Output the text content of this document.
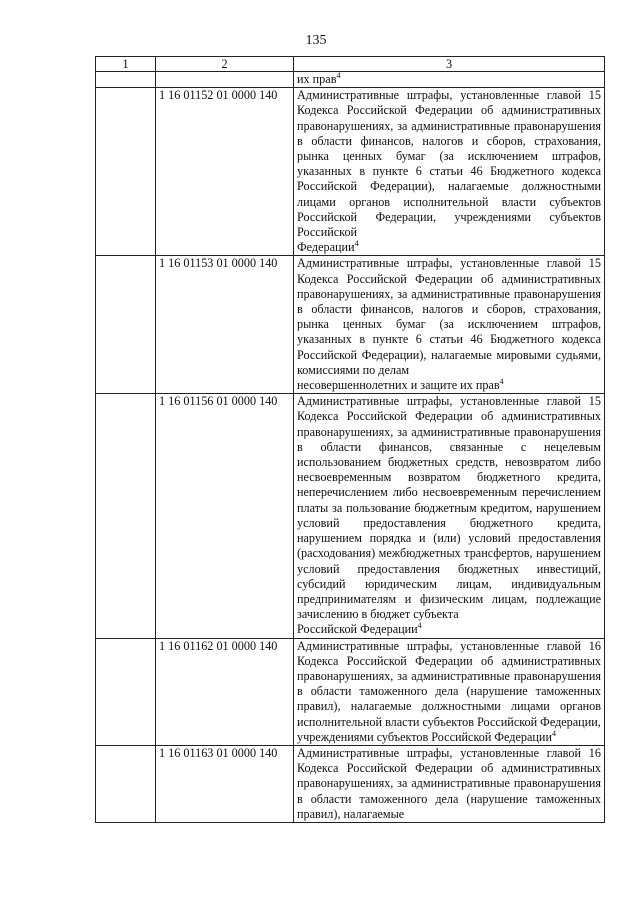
135
1	2	3

		их прав$^4$

	1 16 01152 01 0000 140	Административные штрафы, установленные главой 15 Кодекса Российской Федерации об административных правонарушениях, за административные правонарушения в области финансов, налогов и сборов, страхования, рынка ценных бумаг (за исключением штрафов, указанных в пункте 6 статьи 46 Бюджетного кодекса Российской Федерации), налагаемые должностными лицами органов исполнительной власти субъектов Российской Федерации, учреждениями субъектов Российской
Федерации$^4$

	1 16 01153 01 0000 140	Административные штрафы, установленные главой 15 Кодекса Российской Федерации об административных правонарушениях, за административные правонарушения в области финансов, налогов и сборов, страхования, рынка ценных бумаг (за исключением штрафов, указанных в пункте 6 статьи 46 Бюджетного кодекса Российской Федерации), налагаемые мировыми судьями, комиссиями по делам
несовершеннолетних и защите их прав$^4$

	1 16 01156 01 0000 140	Административные штрафы, установленные главой 15 Кодекса Российской Федерации об административных правонарушениях, за административные правонарушения в области финансов, связанные с нецелевым использованием бюджетных средств, невозвратом либо несвоевременным возвратом бюджетного кредита, неперечислением либо несвоевременным перечислением платы за пользование бюджетным кредитом, нарушением условий предоставления бюджетного кредита, нарушением порядка и (или) условий предоставления (расходования) межбюджетных трансфертов, нарушением условий предоставления бюджетных инвестиций, субсидий юридическим лицам, индивидуальным предпринимателям и физическим лицам, подлежащие зачислению в бюджет субъекта
Российской Федерации$^4$

	1 16 01162 01 0000 140	Административные штрафы, установленные главой 16 Кодекса Российской Федерации об административных правонарушениях, за административные правонарушения в области таможенного дела (нарушение таможенных правил), налагаемые должностными лицами органов исполнительной власти субъектов Российской Федерации,
учреждениями субъектов Российской Федерации$^4$

	1 16 01163 01 0000 140	Административные штрафы, установленные главой 16 Кодекса Российской Федерации об административных правонарушениях, за административные правонарушения в области таможенного дела (нарушение таможенных правил), налагаемые
